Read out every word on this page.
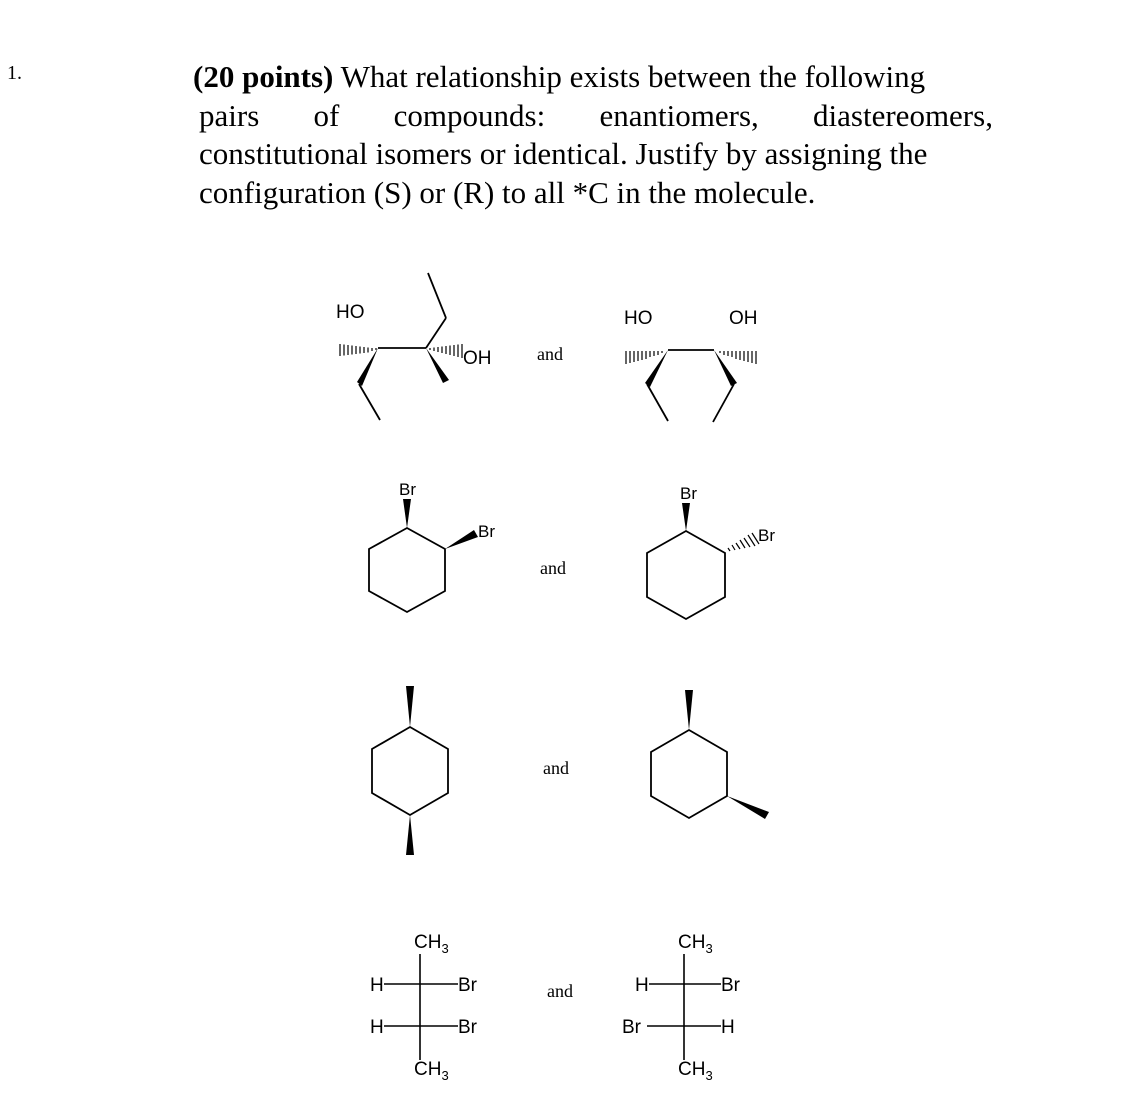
(20 points) What relationship exists between the following
pairs of compounds: enantiomers, diastereomers,
constitutional isomers or identical. Justify by assigning the
configuration (S) or (R) to all *C in the molecule.
1.
HO
OH	and
HO	OH
Br
Br
and
Br
Br
and
$CH_3$
$CH_3$
H	Br
H	Br
and
$CH_3$
$CH_3$
H	Br
Br	H
